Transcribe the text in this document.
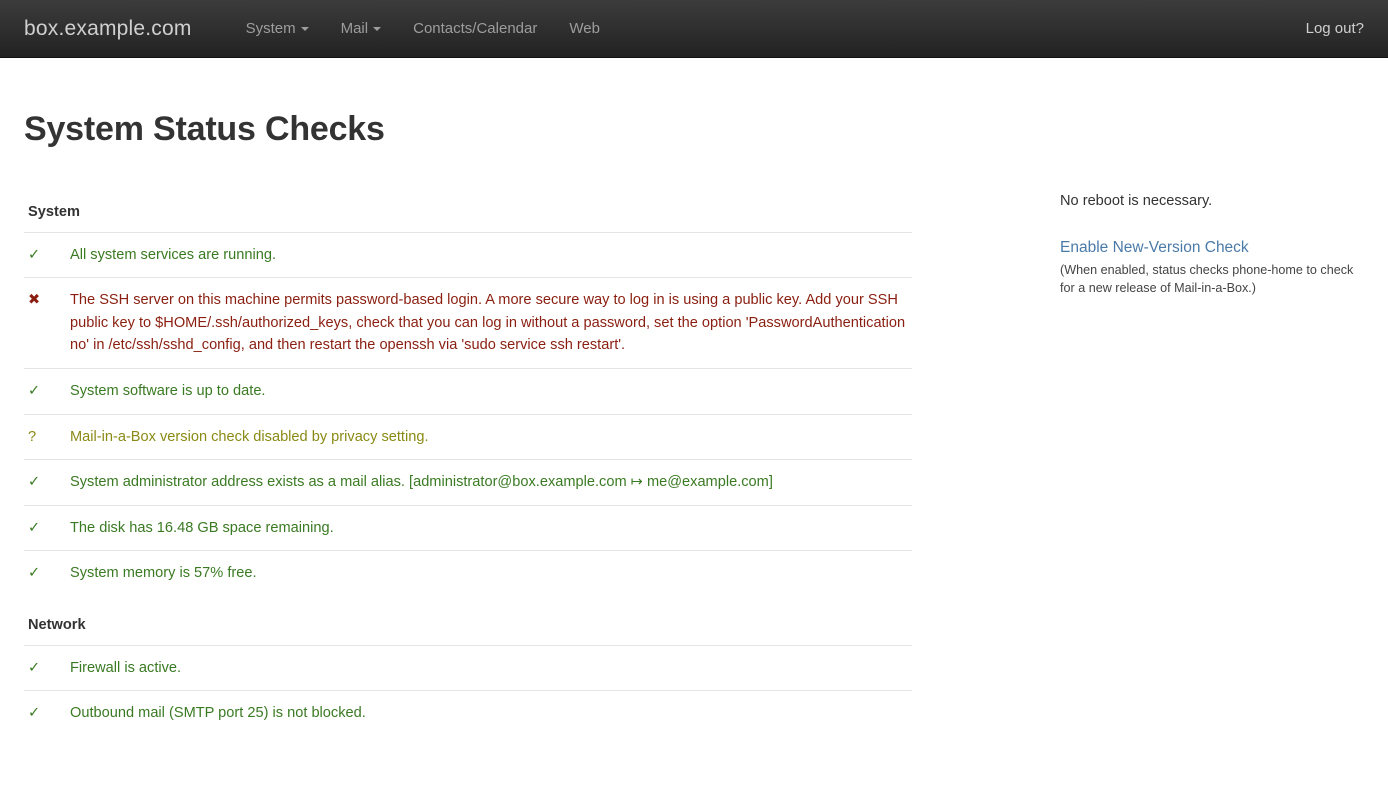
box.example.com	System	Mail	Contacts/Calendar	Web	Log out?
System Status Checks
System	
✓	All system services are running.
✖	The SSH server on this machine permits password-based login. A more secure way to log in is using a public key. Add your SSH public key to $HOME/.ssh/authorized_keys, check that you can log in without a password, set the option 'PasswordAuthentication no' in /etc/ssh/sshd_config, and then restart the openssh via 'sudo service ssh restart'.
✓	System software is up to date.
?	Mail-in-a-Box version check disabled by privacy setting.
✓	System administrator address exists as a mail alias. [administrator@box.example.com ↦ me@example.com]
✓	The disk has 16.48 GB space remaining.
✓	System memory is 57% free.
Network	
✓	Firewall is active.
✓	Outbound mail (SMTP port 25) is not blocked.

No reboot is necessary.

Enable New-Version Check

(When enabled, status checks phone-home to check for a new release of Mail-in-a-Box.)
